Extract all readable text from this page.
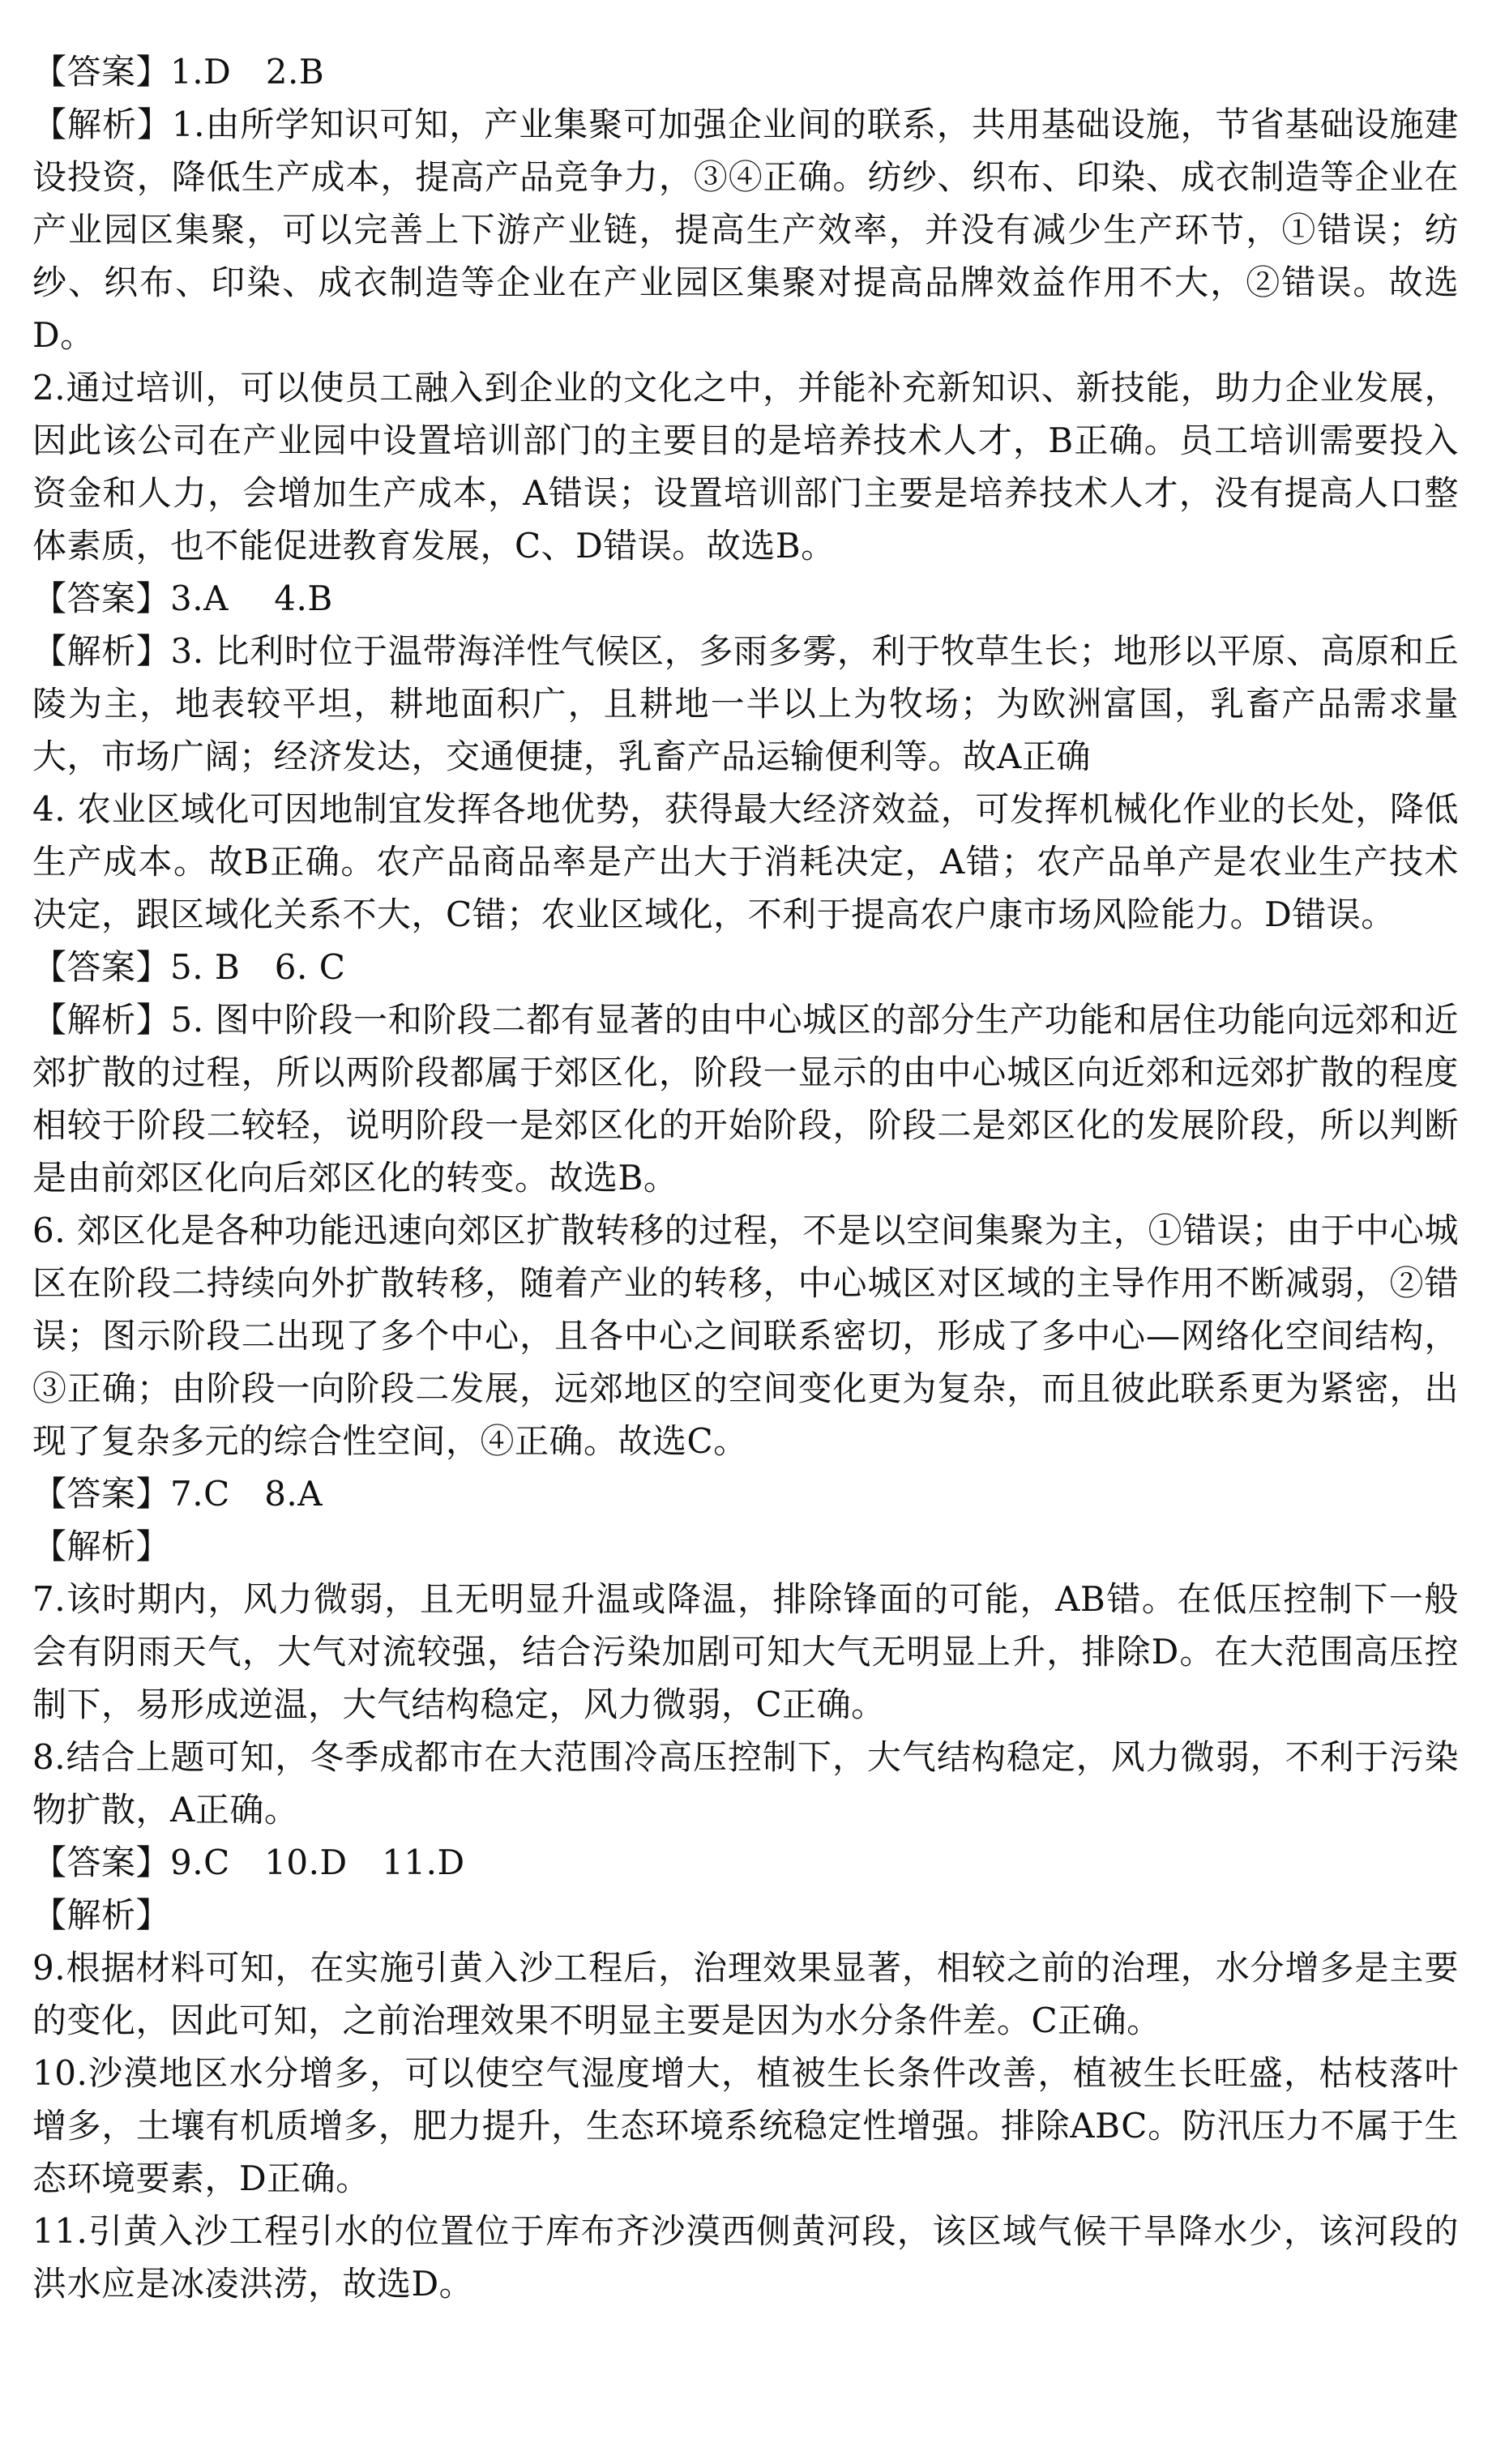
【答案】1.D　2.B

【解析】1.由所学知识可知，产业集聚可加强企业间的联系，共用基础设施，节省基础设施建设投资，降低生产成本，提高产品竞争力，③④正确。纺纱、织布、印染、成衣制造等企业在产业园区集聚，可以完善上下游产业链，提高生产效率，并没有减少生产环节，①错误；纺纱、织布、印染、成衣制造等企业在产业园区集聚对提高品牌效益作用不大，②错误。故选D。

2.通过培训，可以使员工融入到企业的文化之中，并能补充新知识、新技能，助力企业发展，因此该公司在产业园中设置培训部门的主要目的是培养技术人才，B正确。员工培训需要投入资金和人力，会增加生产成本，A错误；设置培训部门主要是培养技术人才，没有提高人口整体素质，也不能促进教育发展，C、D错误。故选B。

【答案】3.A　 4.B

【解析】3. 比利时位于温带海洋性气候区，多雨多雾，利于牧草生长；地形以平原、高原和丘陵为主，地表较平坦，耕地面积广，且耕地一半以上为牧场；为欧洲富国，乳畜产品需求量大，市场广阔；经济发达，交通便捷，乳畜产品运输便利等。故A正确

4. 农业区域化可因地制宜发挥各地优势，获得最大经济效益，可发挥机械化作业的长处，降低生产成本。故B正确。农产品商品率是产出大于消耗决定，A错；农产品单产是农业生产技术决定，跟区域化关系不大，C错；农业区域化，不利于提高农户康市场风险能力。D错误。

【答案】5. B　6. C

【解析】5. 图中阶段一和阶段二都有显著的由中心城区的部分生产功能和居住功能向远郊和近郊扩散的过程，所以两阶段都属于郊区化，阶段一显示的由中心城区向近郊和远郊扩散的程度相较于阶段二较轻，说明阶段一是郊区化的开始阶段，阶段二是郊区化的发展阶段，所以判断是由前郊区化向后郊区化的转变。故选B。

6. 郊区化是各种功能迅速向郊区扩散转移的过程，不是以空间集聚为主，①错误；由于中心城区在阶段二持续向外扩散转移，随着产业的转移，中心城区对区域的主导作用不断减弱，②错误；图示阶段二出现了多个中心，且各中心之间联系密切，形成了多中心—网络化空间结构，③正确；由阶段一向阶段二发展，远郊地区的空间变化更为复杂，而且彼此联系更为紧密，出现了复杂多元的综合性空间，④正确。故选C。

【答案】7.C　8.A

【解析】

7.该时期内，风力微弱，且无明显升温或降温，排除锋面的可能，AB错。在低压控制下一般会有阴雨天气，大气对流较强，结合污染加剧可知大气无明显上升，排除D。在大范围高压控制下，易形成逆温，大气结构稳定，风力微弱，C正确。

8.结合上题可知，冬季成都市在大范围冷高压控制下，大气结构稳定，风力微弱，不利于污染物扩散，A正确。

【答案】9.C　10.D　11.D

【解析】

9.根据材料可知，在实施引黄入沙工程后，治理效果显著，相较之前的治理，水分增多是主要的变化，因此可知，之前治理效果不明显主要是因为水分条件差。C正确。

10.沙漠地区水分增多，可以使空气湿度增大，植被生长条件改善，植被生长旺盛，枯枝落叶增多，土壤有机质增多，肥力提升，生态环境系统稳定性增强。排除ABC。防汛压力不属于生态环境要素，D正确。

11.引黄入沙工程引水的位置位于库布齐沙漠西侧黄河段，该区域气候干旱降水少，该河段的洪水应是冰凌洪涝，故选D。
